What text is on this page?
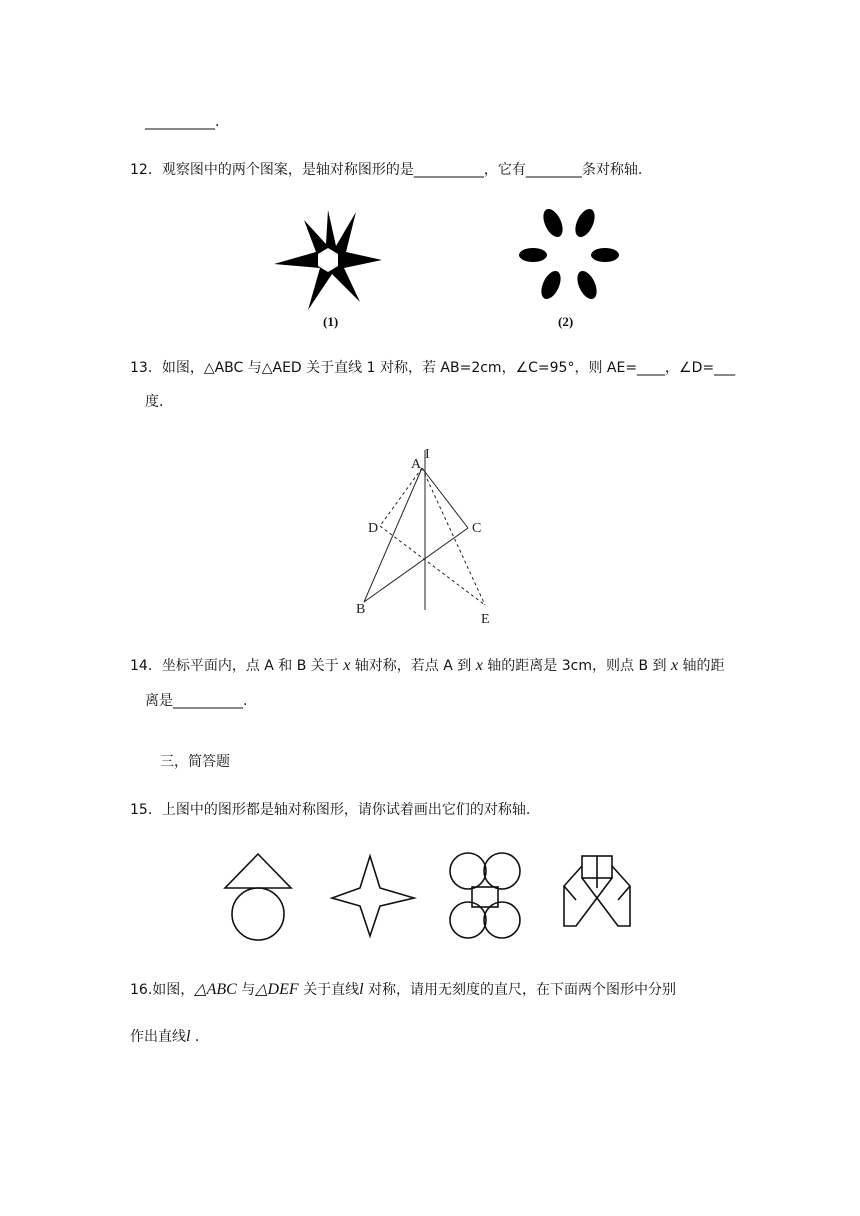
__________.
12．观察图中的两个图案，是轴对称图形的是__________，它有________条对称轴.
(1)	(2)
13．如图，△ABC 与△AED 关于直线 1 对称，若 AB=2cm，∠C=95°，则 AE=____，∠D=___
度.
A
I
D	C
B
E
14．坐标平面内，点 A 和 B 关于 x 轴对称，若点 A 到 x 轴的距离是 3cm，则点 B 到 x 轴的距
离是__________.
三，简答题
15．上图中的图形都是轴对称图形，请你试着画出它们的对称轴.
16.如图，△ABC 与△DEF 关于直线l 对称，请用无刻度的直尺，在下面两个图形中分别
作出直线l .
